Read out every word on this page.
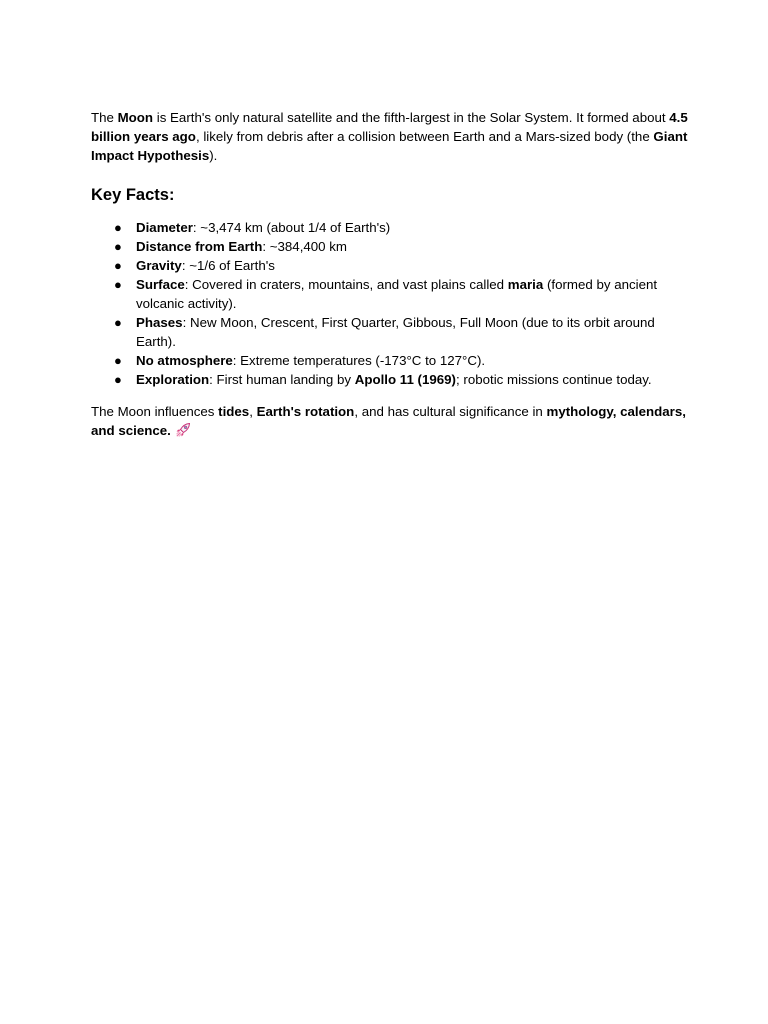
The Moon is Earth's only natural satellite and the fifth-largest in the Solar System. It formed about 4.5 billion years ago, likely from debris after a collision between Earth and a Mars-sized body (the Giant Impact Hypothesis).

Key Facts:
● Diameter: ~3,474 km (about 1/4 of Earth's)
● Distance from Earth: ~384,400 km
● Gravity: ~1/6 of Earth's
● Surface: Covered in craters, mountains, and vast plains called maria (formed by ancient volcanic activity).
● Phases: New Moon, Crescent, First Quarter, Gibbous, Full Moon (due to its orbit around Earth).
● No atmosphere: Extreme temperatures (-173°C to 127°C).
● Exploration: First human landing by Apollo 11 (1969); robotic missions continue today.

The Moon influences tides, Earth's rotation, and has cultural significance in mythology, calendars, and science.
